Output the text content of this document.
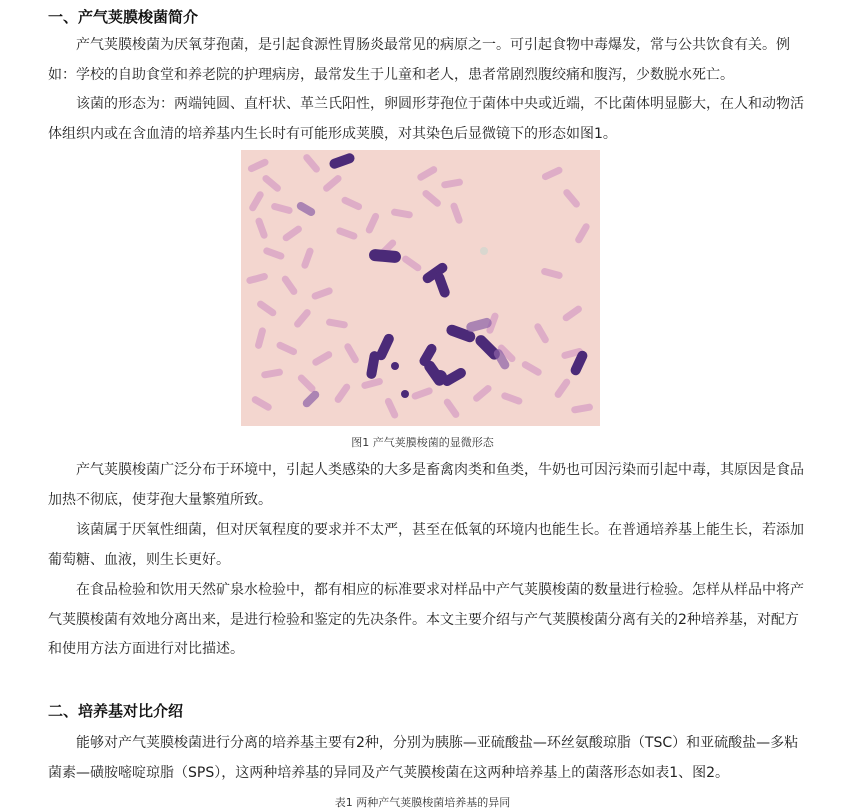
一、产气荚膜梭菌简介

产气荚膜梭菌为厌氧芽孢菌，是引起食源性胃肠炎最常见的病原之一。可引起食物中毒爆发，常与公共饮食有关。例如：学校的自助食堂和养老院的护理病房，最常发生于儿童和老人，患者常剧烈腹绞痛和腹泻，少数脱水死亡。

该菌的形态为：两端钝圆、直杆状、革兰氏阳性，卵圆形芽孢位于菌体中央或近端，不比菌体明显膨大，在人和动物活体组织内或在含血清的培养基内生长时有可能形成荚膜，对其染色后显微镜下的形态如图1。

图1 产气荚膜梭菌的显微形态

产气荚膜梭菌广泛分布于环境中，引起人类感染的大多是畜禽肉类和鱼类，牛奶也可因污染而引起中毒，其原因是食品加热不彻底，使芽孢大量繁殖所致。

该菌属于厌氧性细菌，但对厌氧程度的要求并不太严，甚至在低氧的环境内也能生长。在普通培养基上能生长，若添加葡萄糖、血液，则生长更好。

在食品检验和饮用天然矿泉水检验中，都有相应的标准要求对样品中产气荚膜梭菌的数量进行检验。怎样从样品中将产气荚膜梭菌有效地分离出来，是进行检验和鉴定的先决条件。本文主要介绍与产气荚膜梭菌分离有关的2种培养基，对配方和使用方法方面进行对比描述。

二、培养基对比介绍

能够对产气荚膜梭菌进行分离的培养基主要有2种，分别为胰胨—亚硫酸盐—环丝氨酸琼脂（TSC）和亚硫酸盐—多粘菌素—磺胺嘧啶琼脂（SPS），这两种培养基的异同及产气荚膜梭菌在这两种培养基上的菌落形态如表1、图2。

表1 两种产气荚膜梭菌培养基的异同
